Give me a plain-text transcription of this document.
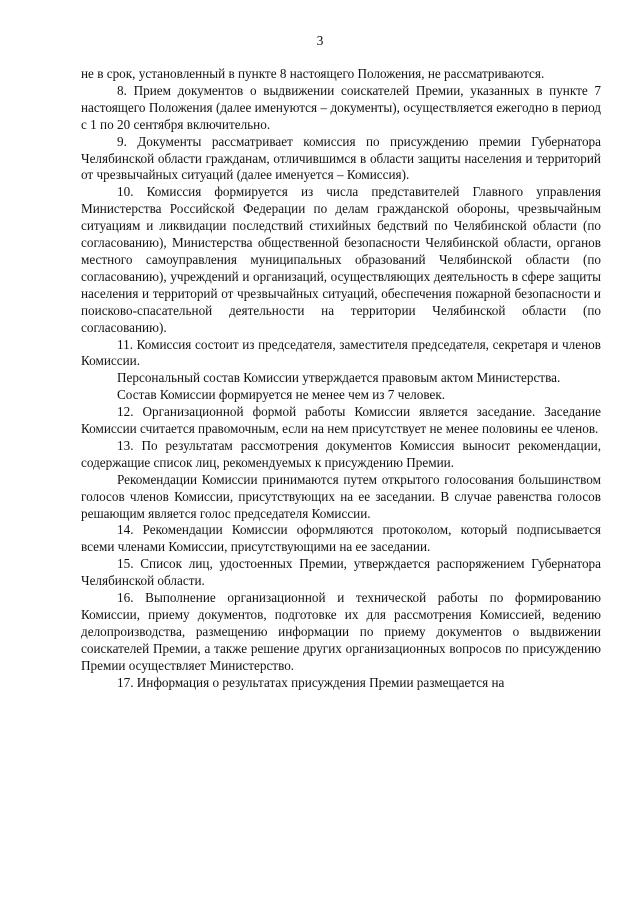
3

не в срок, установленный в пункте 8 настоящего Положения, не рассматриваются.

8. Прием документов о выдвижении соискателей Премии, указанных в пункте 7 настоящего Положения (далее именуются – документы), осуществляется ежегодно в период с 1 по 20 сентября включительно.

9. Документы рассматривает комиссия по присуждению премии Губернатора Челябинской области гражданам, отличившимся в области защиты населения и территорий от чрезвычайных ситуаций (далее именуется – Комиссия).

10. Комиссия формируется из числа представителей Главного управления Министерства Российской Федерации по делам гражданской обороны, чрезвычайным ситуациям и ликвидации последствий стихийных бедствий по Челябинской области (по согласованию), Министерства общественной безопасности Челябинской области, органов местного самоуправления муниципальных образований Челябинской области (по согласованию), учреждений и организаций, осуществляющих деятельность в сфере защиты населения и территорий от чрезвычайных ситуаций, обеспечения пожарной безопасности и поисково-спасательной деятельности на территории Челябинской области (по согласованию).

11. Комиссия состоит из председателя, заместителя председателя, секретаря и членов Комиссии.

Персональный состав Комиссии утверждается правовым актом Министерства.

Состав Комиссии формируется не менее чем из 7 человек.

12. Организационной формой работы Комиссии является заседание. Заседание Комиссии считается правомочным, если на нем присутствует не менее половины ее членов.

13. По результатам рассмотрения документов Комиссия выносит рекомендации, содержащие список лиц, рекомендуемых к присуждению Премии.

Рекомендации Комиссии принимаются путем открытого голосования большинством голосов членов Комиссии, присутствующих на ее заседании. В случае равенства голосов решающим является голос председателя Комиссии.

14. Рекомендации Комиссии оформляются протоколом, который подписывается всеми членами Комиссии, присутствующими на ее заседании.

15. Список лиц, удостоенных Премии, утверждается распоряжением Губернатора Челябинской области.

16. Выполнение организационной и технической работы по формированию Комиссии, приему документов, подготовке их для рассмотрения Комиссией, ведению делопроизводства, размещению информации по приему документов о выдвижении соискателей Премии, а также решение других организационных вопросов по присуждению Премии осуществляет Министерство.

17. Информация о результатах присуждения Премии размещается на
